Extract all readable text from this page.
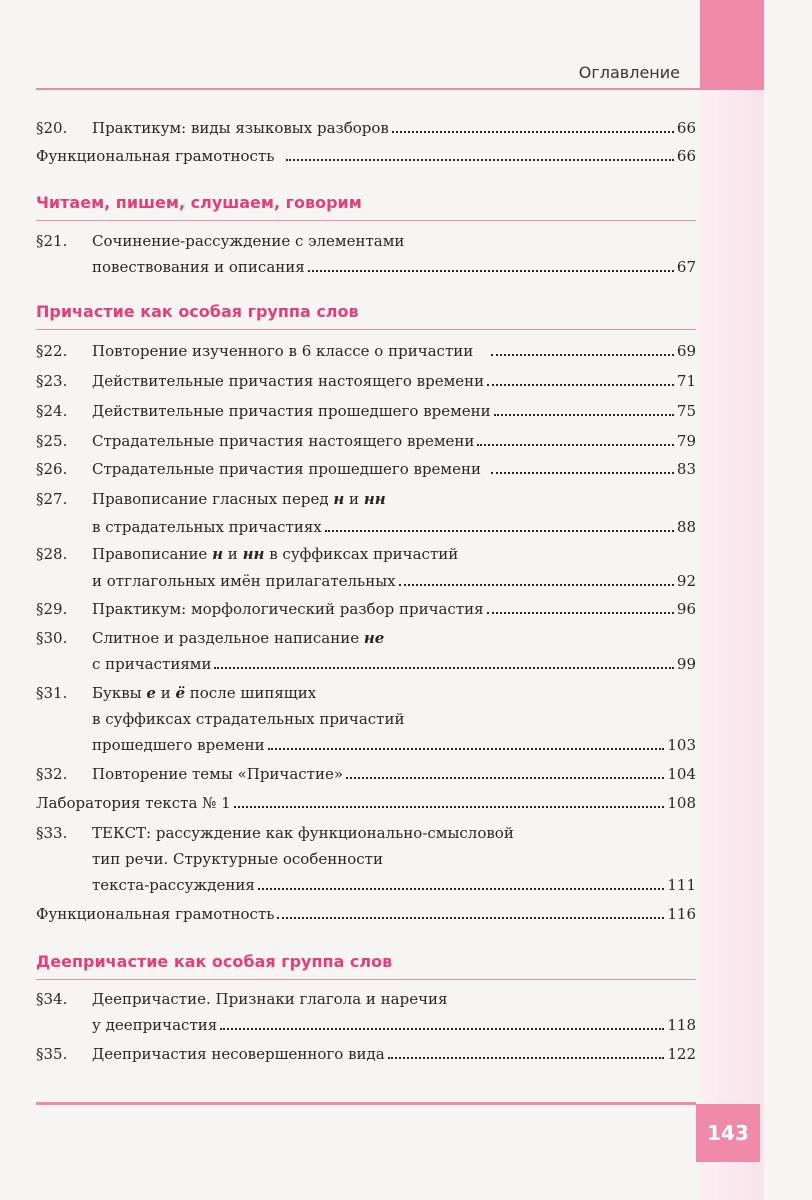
Оглавление
§20.	Практикум: виды языковых разборов	66
Функциональная грамотность	66
Читаем, пишем, слушаем, говорим
§21.	Сочинение-рассуждение с элементами
повествования и описания	67
Причастие как особая группа слов
§22.	Повторение изученного в 6 классе о причастии	69
§23.	Действительные причастия настоящего времени	71
§24.	Действительные причастия прошедшего времени	75
§25.	Страдательные причастия настоящего времени	79
§26.	Страдательные причастия прошедшего времени	83
§27.	Правописание гласных перед н и нн
в страдательных причастиях	88
§28.	Правописание н и нн в суффиксах причастий
и отглагольных имён прилагательных	92
§29.	Практикум: морфологический разбор причастия	96
§30.	Слитное и раздельное написание не
с причастиями	99
§31.	Буквы е и ё после шипящих
в суффиксах страдательных причастий
прошедшего времени	103
§32.	Повторение темы «Причастие»	104
Лаборатория текста № 1	108
§33.	ТЕКСТ: рассуждение как функционально-смысловой
тип речи. Структурные особенности
текста-рассуждения	111
Функциональная грамотность	116
Деепричастие как особая группа слов
§34.	Деепричастие. Признаки глагола и наречия
у деепричастия	118
§35.	Деепричастия несовершенного вида	122
143
